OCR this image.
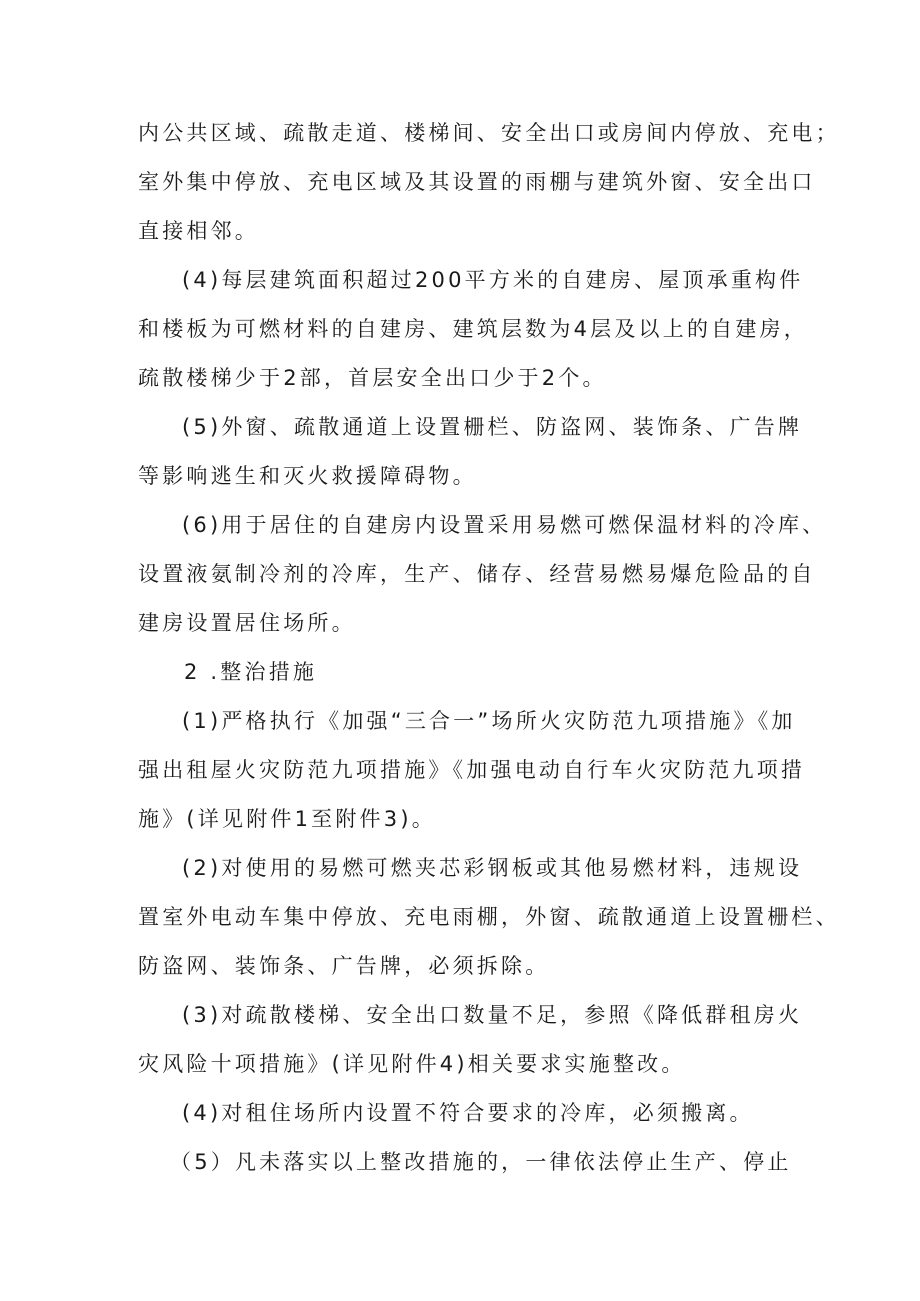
内公共区域、疏散走道、楼梯间、安全出口或房间内停放、充电；
室外集中停放、充电区域及其设置的雨棚与建筑外窗、安全出口
直接相邻。
(4)每层建筑面积超过200平方米的自建房、屋顶承重构件
和楼板为可燃材料的自建房、建筑层数为4层及以上的自建房，
疏散楼梯少于2部，首层安全出口少于2个。
(5)外窗、疏散通道上设置栅栏、防盗网、装饰条、广告牌
等影响逃生和灭火救援障碍物。
(6)用于居住的自建房内设置采用易燃可燃保温材料的冷库、
设置液氨制冷剂的冷库，生产、储存、经营易燃易爆危险品的自
建房设置居住场所。
2 .整治措施
(1)严格执行《加强“三合一”场所火灾防范九项措施》《加
强出租屋火灾防范九项措施》《加强电动自行车火灾防范九项措
施》(详见附件1至附件3)。
(2)对使用的易燃可燃夹芯彩钢板或其他易燃材料，违规设
置室外电动车集中停放、充电雨棚，外窗、疏散通道上设置栅栏、
防盗网、装饰条、广告牌，必须拆除。
(3)对疏散楼梯、安全出口数量不足，参照《降低群租房火
灾风险十项措施》(详见附件4)相关要求实施整改。
(4)对租住场所内设置不符合要求的冷库，必须搬离。
（5）凡未落实以上整改措施的，一律依法停止生产、停止
